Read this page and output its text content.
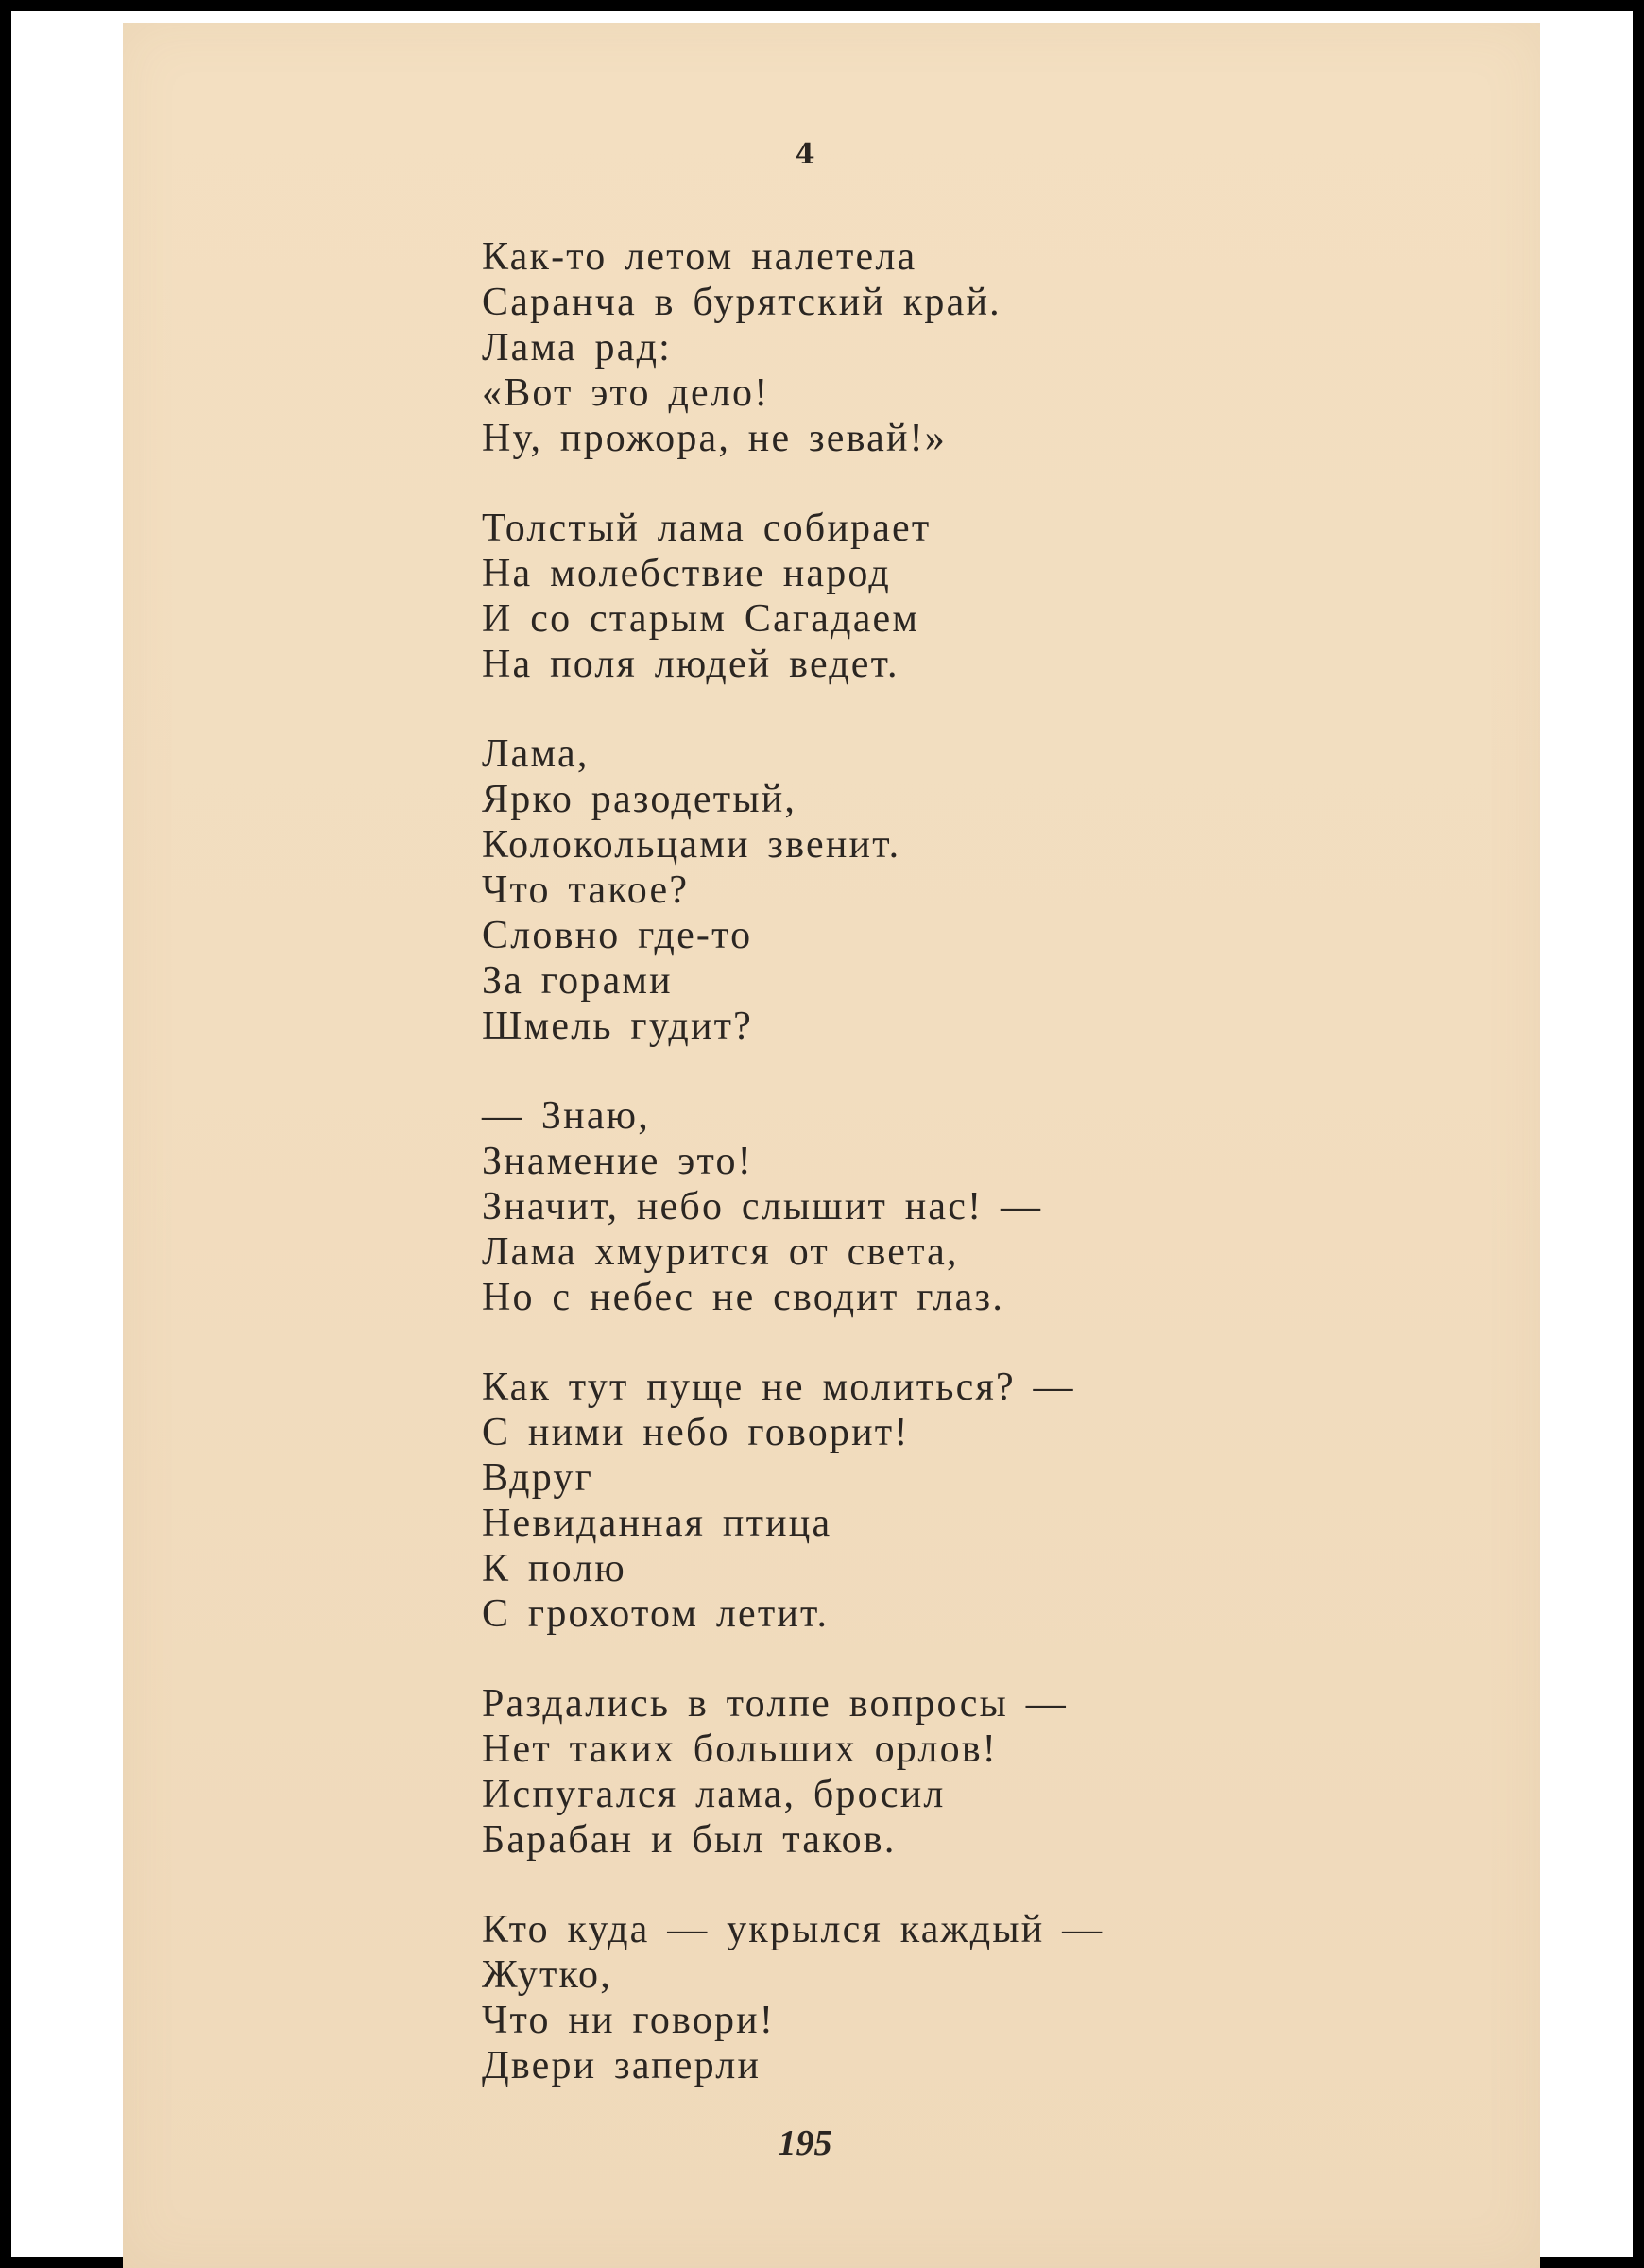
4
Как-то летом налетела
Саранча в бурятский край.
Лама рад:
«Вот это дело!
Ну, прожора, не зевай!»
Толстый лама собирает
На молебствие народ
И со старым Сагадаем
На поля людей ведет.
Лама,
Ярко разодетый,
Колокольцами звенит.
Что такое?
Словно где-то
За горами
Шмель гудит?
— Знаю,
Знамение это!
Значит, небо слышит нас! —
Лама хмурится от света,
Но с небес не сводит глаз.
Как тут пуще не молиться? —
С ними небо говорит!
Вдруг
Невиданная птица
К полю
С грохотом летит.
Раздались в толпе вопросы —
Нет таких больших орлов!
Испугался лама, бросил
Барабан и был таков.
Кто куда — укрылся каждый —
Жутко,
Что ни говори!
Двери заперли
195
